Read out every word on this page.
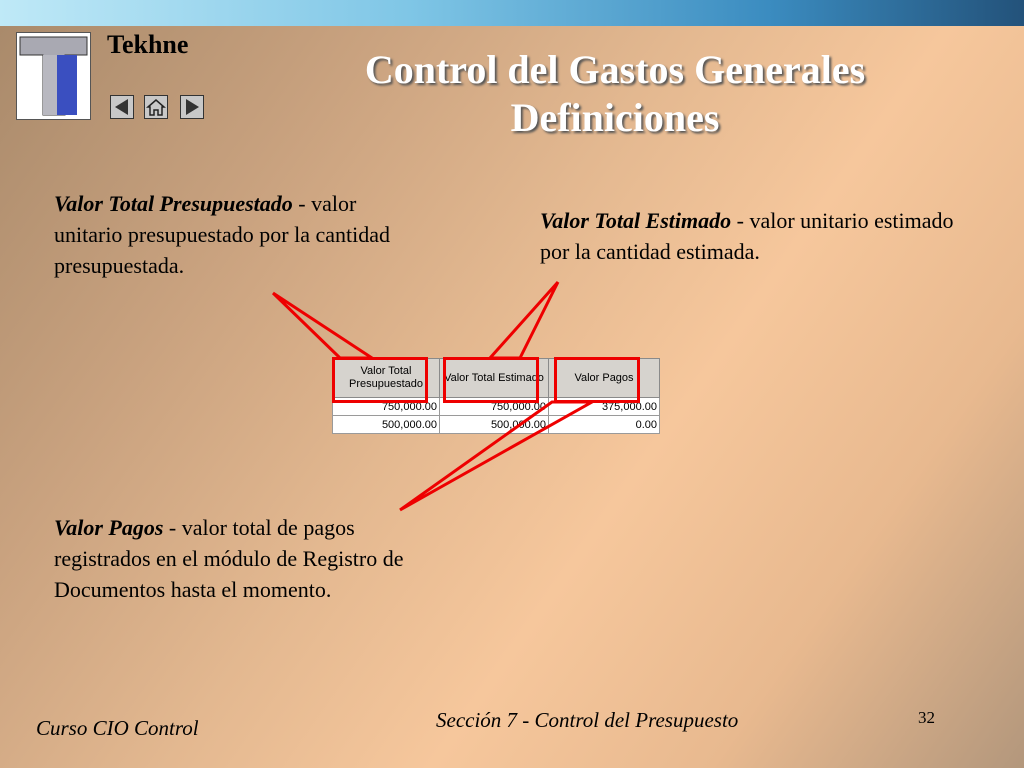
Tekhne
Control del Gastos Generales
Definiciones
Valor Total Presupuestado - valor unitario presupuestado por la cantidad presupuestada.
Valor Total Estimado - valor unitario estimado por la cantidad estimada.
Valor Pagos - valor total de pagos registrados en el módulo de Registro de Documentos hasta el momento.
Valor Total Presupuestado	Valor Total Estimado	Valor Pagos
750,000.00	750,000.00	375,000.00
500,000.00	500,000.00	0.00
Curso CIO Control	Sección 7 - Control del Presupuesto	32
